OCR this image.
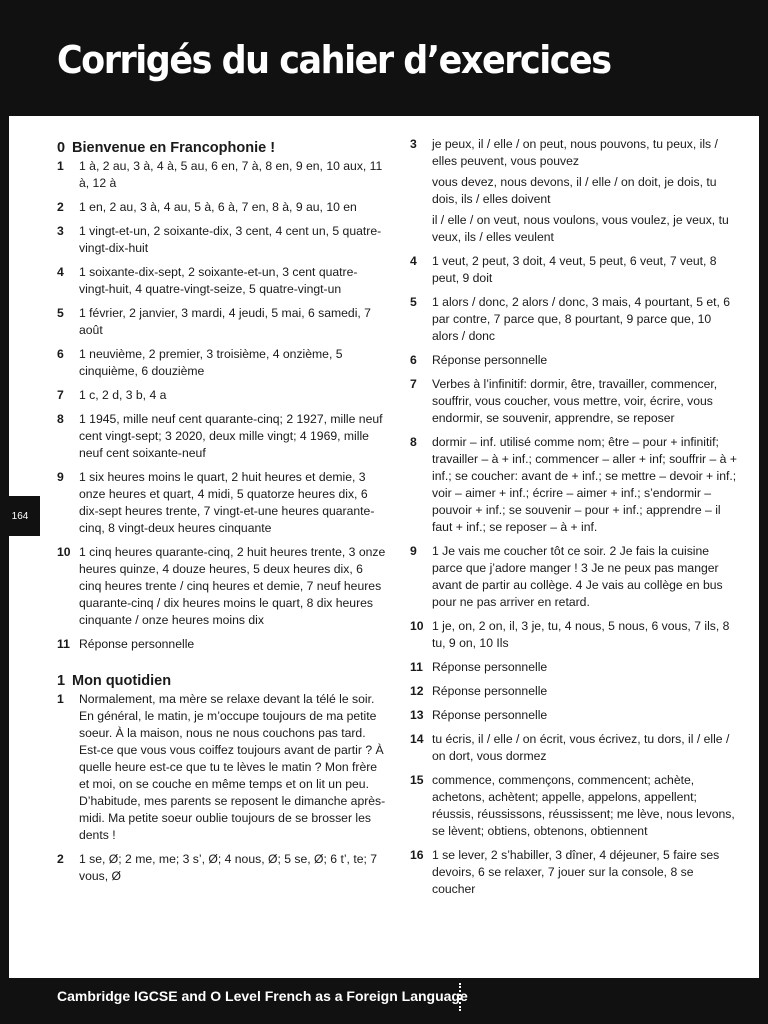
Corrigés du cahier d’exercices
164
0 Bienvenue en Francophonie !
1	1 à, 2 au, 3 à, 4 à, 5 au, 6 en, 7 à, 8 en, 9 en, 10 aux, 11 à, 12 à

2	1 en, 2 au, 3 à, 4 au, 5 à, 6 à, 7 en, 8 à, 9 au, 10 en

3	1 vingt-et-un, 2 soixante-dix, 3 cent, 4 cent un, 5 quatre-vingt-dix-huit

4	1 soixante-dix-sept, 2 soixante-et-un, 3 cent quatre-vingt-huit, 4 quatre-vingt-seize, 5 quatre-vingt-un

5	1 février, 2 janvier, 3 mardi, 4 jeudi, 5 mai, 6 samedi, 7 août

6	1 neuvième, 2 premier, 3 troisième, 4 onzième, 5 cinquième, 6 douzième

7	1 c, 2 d, 3 b, 4 a

8	1 1945, mille neuf cent quarante-cinq; 2 1927, mille neuf cent vingt-sept; 3 2020, deux mille vingt; 4 1969, mille neuf cent soixante-neuf

9	1 six heures moins le quart, 2 huit heures et demie, 3 onze heures et quart, 4 midi, 5 quatorze heures dix, 6 dix-sept heures trente, 7 vingt-et-une heures quarante-cinq, 8 vingt-deux heures cinquante

10 1 cinq heures quarante-cinq, 2 huit heures trente, 3 onze heures quinze, 4 douze heures, 5 deux heures dix, 6 cinq heures trente / cinq heures et demie, 7 neuf heures quarante-cinq / dix heures moins le quart, 8 dix heures cinquante / onze heures moins dix

11 Réponse personnelle

1 Mon quotidien
1	Normalement, ma mère se relaxe devant la télé le soir. En général, le matin, je m’occupe toujours de ma petite soeur. À la maison, nous ne nous couchons pas tard. Est-ce que vous vous coiffez toujours avant de partir ? À quelle heure est-ce que tu te lèves le matin ? Mon frère et moi, on se couche en même temps et on lit un peu. D’habitude, mes parents se reposent le dimanche après-midi. Ma petite soeur oublie toujours de se brosser les dents !

2	1 se, Ø; 2 me, me; 3 s’, Ø; 4 nous, Ø; 5 se, Ø; 6 t’, te; 7 vous, Ø

3	je peux, il / elle / on peut, nous pouvons, tu peux, ils / elles peuvent, vous pouvez

vous devez, nous devons, il / elle / on doit, je dois, tu dois, ils / elles doivent

il / elle / on veut, nous voulons, vous voulez, je veux, tu veux, ils / elles veulent

4	1 veut, 2 peut, 3 doit, 4 veut, 5 peut, 6 veut, 7 veut, 8 peut, 9 doit

5	1 alors / donc, 2 alors / donc, 3 mais, 4 pourtant, 5 et, 6 par contre, 7 parce que, 8 pourtant, 9 parce que, 10 alors / donc

6	Réponse personnelle

7	Verbes à l’infinitif: dormir, être, travailler, commencer, souffrir, vous coucher, vous mettre, voir, écrire, vous endormir, se souvenir, apprendre, se reposer

8	dormir – inf. utilisé comme nom; être – pour + infinitif; travailler – à + inf.; commencer – aller + inf; souffrir – à + inf.; se coucher: avant de + inf.; se mettre – devoir + inf.; voir – aimer + inf.; écrire – aimer + inf.; s’endormir – pouvoir + inf.; se souvenir – pour + inf.; apprendre – il faut + inf.; se reposer – à + inf.

9	1 Je vais me coucher tôt ce soir. 2 Je fais la cuisine parce que j’adore manger ! 3 Je ne peux pas manger avant de partir au collège. 4 Je vais au collège en bus pour ne pas arriver en retard.

10 1 je, on, 2 on, il, 3 je, tu, 4 nous, 5 nous, 6 vous, 7 ils, 8 tu, 9 on, 10 Ils

11 Réponse personnelle

12 Réponse personnelle

13 Réponse personnelle

14 tu écris, il / elle / on écrit, vous écrivez, tu dors, il / elle / on dort, vous dormez

15 commence, commençons, commencent; achète, achetons, achètent; appelle, appelons, appellent; réussis, réussissons, réussissent; me lève, nous levons, se lèvent; obtiens, obtenons, obtiennent

16 1 se lever, 2 s’habiller, 3 dîner, 4 déjeuner, 5 faire ses devoirs, 6 se relaxer, 7 jouer sur la console, 8 se coucher

Cambridge IGCSE and O Level French as a Foreign Language
